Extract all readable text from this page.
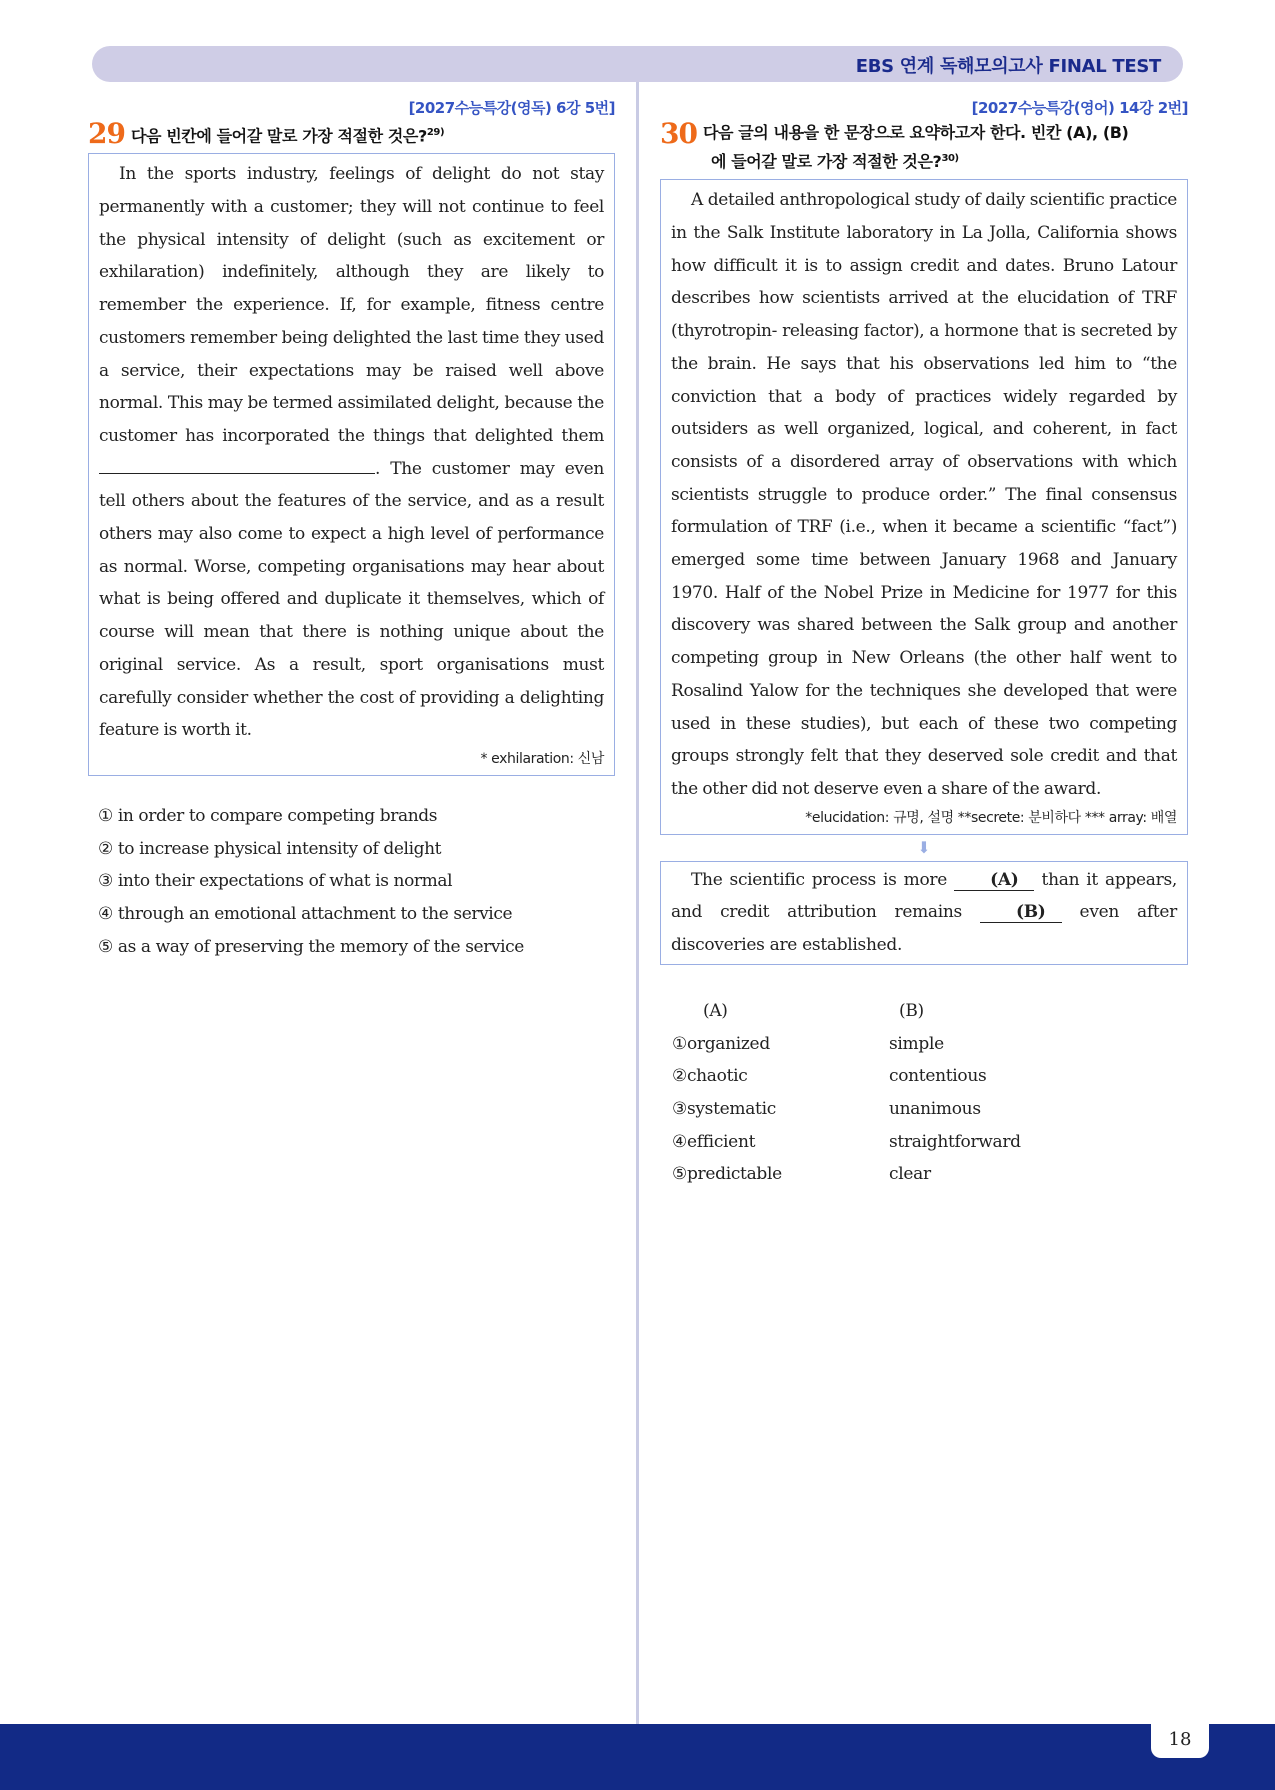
EBS 연계 독해모의고사 FINAL TEST
[2027수능특강(영독) 6강 5번]
29 다음 빈칸에 들어갈 말로 가장 적절한 것은?$^{29)}$

In the sports industry, feelings of delight do not stay permanently with a customer; they will not continue to feel the physical intensity of delight (such as excitement or exhilaration) indefinitely, although they are likely to remember the experience. If, for example, fitness centre customers remember being delighted the last time they used a service, their expectations may be raised well above normal. This may be termed assimilated delight, because the customer has incorporated the things that delighted them . The customer may even tell others about the features of the service, and as a result others may also come to expect a high level of performance as normal. Worse, competing organisations may hear about what is being offered and duplicate it themselves, which of course will mean that there is nothing unique about the original service. As a result, sport organisations must carefully consider whether the cost of providing a delighting feature is worth it.

* exhilaration: 신남
① in order to compare competing brands
② to increase physical intensity of delight
③ into their expectations of what is normal
④ through an emotional attachment to the service
⑤ as a way of preserving the memory of the service
[2027수능특강(영어) 14강 2번]
30 다음 글의 내용을 한 문장으로 요약하고자 한다. 빈칸 (A), (B)
에 들어갈 말로 가장 적절한 것은?$^{30)}$

A detailed anthropological study of daily scientific practice in the Salk Institute laboratory in La Jolla, California shows how difficult it is to assign credit and dates. Bruno Latour describes how scientists arrived at the elucidation of TRF (thyrotropin- releasing factor), a hormone that is secreted by the brain. He says that his observations led him to “the conviction that a body of practices widely regarded by outsiders as well organized, logical, and coherent, in fact consists of a disordered array of observations with which scientists struggle to produce order.” The final consensus formulation of TRF (i.e., when it became a scientific “fact”) emerged some time between January 1968 and January 1970. Half of the Nobel Prize in Medicine for 1977 for this discovery was shared between the Salk group and another competing group in New Orleans (the other half went to Rosalind Yalow for the techniques she developed that were used in these studies), but each of these two competing groups strongly felt that they deserved sole credit and that the other did not deserve even a share of the award.

*elucidation: 규명, 설명 **secrete: 분비하다 *** array: 배열
⬇

The scientific process is more (A) than it appears, and credit attribution remains (B) even after discoveries are established.

(A)	(B)
①organized	simple
②chaotic	contentious
③systematic	unanimous
④efficient	straightforward
⑤predictable	clear
18
